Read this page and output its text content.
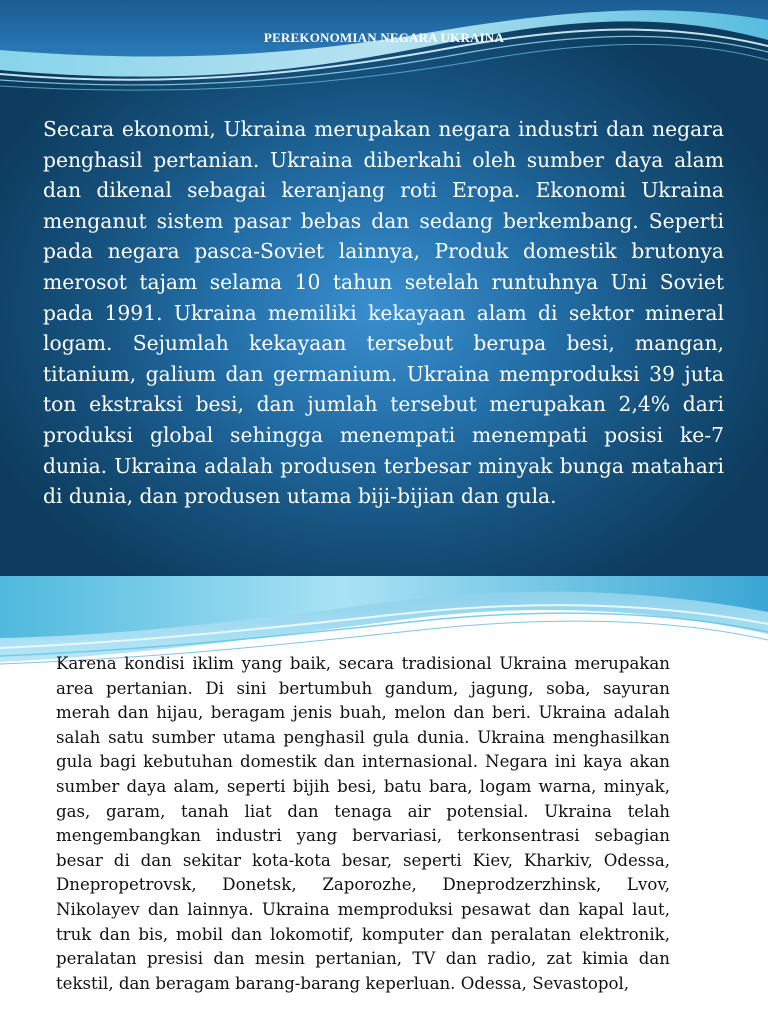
PEREKONOMIAN NEGARA UKRAINA

Secara ekonomi, Ukraina merupakan negara industri dan negara penghasil pertanian. Ukraina diberkahi oleh sumber daya alam dan dikenal sebagai keranjang roti Eropa. Ekonomi Ukraina menganut sistem pasar bebas dan sedang berkembang. Seperti pada negara pasca-Soviet lainnya, Produk domestik brutonya merosot tajam selama 10 tahun setelah runtuhnya Uni Soviet pada 1991. Ukraina memiliki kekayaan alam di sektor mineral logam. Sejumlah kekayaan tersebut berupa besi, mangan, titanium, galium dan germanium. Ukraina memproduksi 39 juta ton ekstraksi besi, dan jumlah tersebut merupakan 2,4% dari produksi global sehingga menempati menempati posisi ke-7 dunia. Ukraina adalah produsen terbesar minyak bunga matahari di dunia, dan produsen utama biji-bijian dan gula.

Karena kondisi iklim yang baik, secara tradisional Ukraina merupakan area pertanian. Di sini bertumbuh gandum, jagung, soba, sayuran merah dan hijau, beragam jenis buah, melon dan beri. Ukraina adalah salah satu sumber utama penghasil gula dunia. Ukraina menghasilkan gula bagi kebutuhan domestik dan internasional. Negara ini kaya akan sumber daya alam, seperti bijih besi, batu bara, logam warna, minyak, gas, garam, tanah liat dan tenaga air potensial. Ukraina telah mengembangkan industri yang bervariasi, terkonsentrasi sebagian besar di dan sekitar kota-kota besar, seperti Kiev, Kharkiv, Odessa, Dnepropetrovsk, Donetsk, Zaporozhe, Dneprodzerzhinsk, Lvov, Nikolayev dan lainnya. Ukraina memproduksi pesawat dan kapal laut, truk dan bis, mobil dan lokomotif, komputer dan peralatan elektronik, peralatan presisi dan mesin pertanian, TV dan radio, zat kimia dan tekstil, dan beragam barang-barang keperluan. Odessa, Sevastopol,
